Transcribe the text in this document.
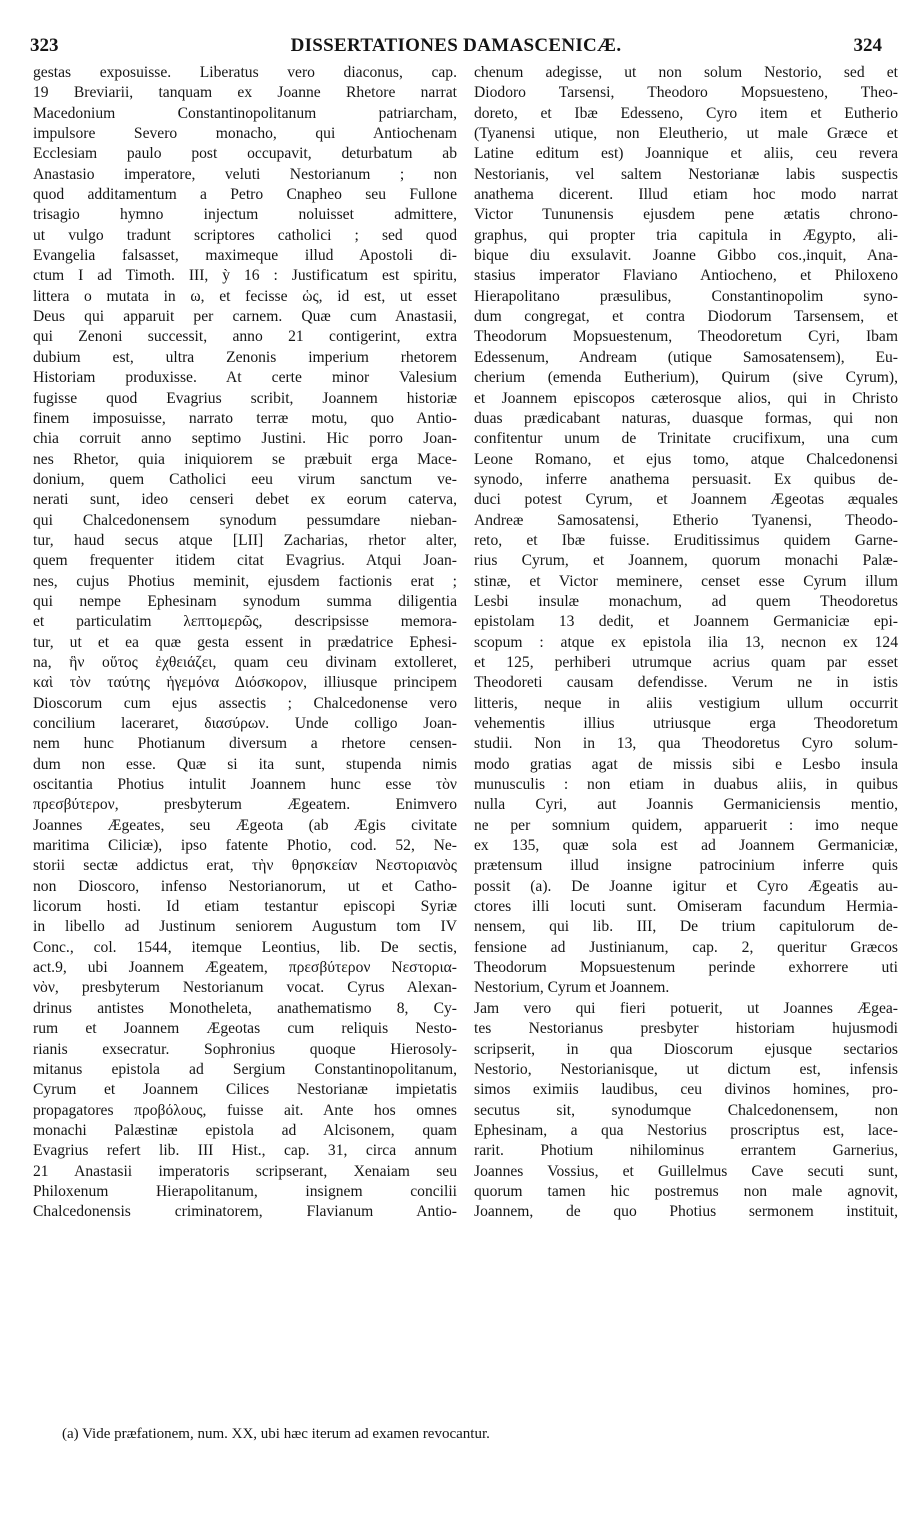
323	DISSERTATIONES DAMASCENICÆ.	324
gestas exposuisse. Liberatus vero diaconus, cap.
19 Breviarii, tanquam ex Joanne Rhetore narrat
Macedonium Constantinopolitanum patriarcham,
impulsore Severo monacho, qui Antiochenam
Ecclesiam paulo post occupavit, deturbatum ab
Anastasio imperatore, veluti Nestorianum ; non
quod additamentum a Petro Cnapheo seu Fullone
trisagio hymno injectum noluisset admittere,
ut vulgo tradunt scriptores catholici ; sed quod
Evangelia falsasset, maximeque illud Apostoli di-
ctum I ad Timoth. III, ỳ 16 : Justificatum est spiritu,
littera o mutata in ω, et fecisse ὡς, id est, ut esset
Deus qui apparuit per carnem. Quæ cum Anastasii,
qui Zenoni successit, anno 21 contigerint, extra
dubium est, ultra Zenonis imperium rhetorem
Historiam produxisse. At certe minor Valesium
fugisse quod Evagrius scribit, Joannem historiæ
finem imposuisse, narrato terræ motu, quo Antio-
chia corruit anno septimo Justini. Hic porro Joan-
nes Rhetor, quia iniquiorem se præbuit erga Mace-
donium, quem Catholici eeu virum sanctum ve-
nerati sunt, ideo censeri debet ex eorum caterva,
qui Chalcedonensem synodum pessumdare nieban-
tur, haud secus atque [LII] Zacharias, rhetor alter,
quem frequenter itidem citat Evagrius. Atqui Joan-
nes, cujus Photius meminit, ejusdem factionis erat ;
qui nempe Ephesinam synodum summa diligentia
et particulatim λεπτομερῶς, descripsisse memora-
tur, ut et ea quæ gesta essent in prædatrice Ephesi-
na, ἣν οὕτος ἐχθειάζει, quam ceu divinam extolleret,
καὶ τὸν ταύτης ἡγεμόνα Διόσκορον, illiusque principem
Dioscorum cum ejus assectis ; Chalcedonense vero
concilium laceraret, διασύρων. Unde colligo Joan-
nem hunc Photianum diversum a rhetore censen-
dum non esse. Quæ si ita sunt, stupenda nimis
oscitantia Photius intulit Joannem hunc esse τὸν
πρεσβύτερον, presbyterum Ægeatem. Enimvero
Joannes Ægeates, seu Ægeota (ab Ægis civitate
maritima Ciliciæ), ipso fatente Photio, cod. 52, Ne-
storii sectæ addictus erat, τὴν θρησκείαν Νεστοριανὸς
non Dioscoro, infenso Nestorianorum, ut et Catho-
licorum hosti. Id etiam testantur episcopi Syriæ
in libello ad Justinum seniorem Augustum tom IV
Conc., col. 1544, itemque Leontius, lib. De sectis,
act.9, ubi Joannem Ægeatem, πρεσβύτερον Νεστορια-
νὸν, presbyterum Nestorianum vocat. Cyrus Alexan-
drinus antistes Monotheleta, anathematismo 8, Cy-
rum et Joannem Ægeotas cum reliquis Nesto-
rianis exsecratur. Sophronius quoque Hierosoly-
mitanus epistola ad Sergium Constantinopolitanum,
Cyrum et Joannem Cilices Nestorianæ impietatis
propagatores προβόλους, fuisse ait. Ante hos omnes
monachi Palæstinæ epistola ad Alcisonem, quam
Evagrius refert lib. III Hist., cap. 31, circa annum
21 Anastasii imperatoris scripserant, Xenaiam seu
Philoxenum Hierapolitanum, insignem concilii
Chalcedonensis criminatorem, Flavianum Antio-
chenum adegisse, ut non solum Nestorio, sed et
Diodoro Tarsensi, Theodoro Mopsuesteno, Theo-
doreto, et Ibæ Edesseno, Cyro item et Eutherio
(Tyanensi utique, non Eleutherio, ut male Græce et
Latine editum est) Joannique et aliis, ceu revera
Nestorianis, vel saltem Nestorianæ labis suspectis
anathema dicerent. Illud etiam hoc modo narrat
Victor Tununensis ejusdem pene ætatis chrono-
graphus, qui propter tria capitula in Ægypto, ali-
bique diu exsulavit. Joanne Gibbo cos.,inquit, Ana-
stasius imperator Flaviano Antiocheno, et Philoxeno
Hierapolitano præsulibus, Constantinopolim syno-
dum congregat, et contra Diodorum Tarsensem, et
Theodorum Mopsuestenum, Theodoretum Cyri, Ibam
Edessenum, Andream (utique Samosatensem), Eu-
cherium (emenda Eutherium), Quirum (sive Cyrum),
et Joannem episcopos cæterosque alios, qui in Christo
duas prædicabant naturas, duasque formas, qui non
confitentur unum de Trinitate crucifixum, una cum
Leone Romano, et ejus tomo, atque Chalcedonensi
synodo, inferre anathema persuasit. Ex quibus de-
duci potest Cyrum, et Joannem Ægeotas æquales
Andreæ Samosatensi, Etherio Tyanensi, Theodo-
reto, et Ibæ fuisse. Eruditissimus quidem Garne-
rius Cyrum, et Joannem, quorum monachi Palæ-
stinæ, et Victor meminere, censet esse Cyrum illum
Lesbi insulæ monachum, ad quem Theodoretus
epistolam 13 dedit, et Joannem Germaniciæ epi-
scopum : atque ex epistola ilia 13, necnon ex 124
et 125, perhiberi utrumque acrius quam par esset
Theodoreti causam defendisse. Verum ne in istis
litteris, neque in aliis vestigium ullum occurrit
vehementis illius utriusque erga Theodoretum
studii. Non in 13, qua Theodoretus Cyro solum-
modo gratias agat de missis sibi e Lesbo insula
munusculis : non etiam in duabus aliis, in quibus
nulla Cyri, aut Joannis Germaniciensis mentio,
ne per somnium quidem, apparuerit : imo neque
ex 135, quæ sola est ad Joannem Germaniciæ,
prætensum illud insigne patrocinium inferre quis
possit (a). De Joanne igitur et Cyro Ægeatis au-
ctores illi locuti sunt. Omiseram facundum Hermia-
nensem, qui lib. III, De trium capitulorum de-
fensione ad Justinianum, cap. 2, queritur Græcos
Theodorum Mopsuestenum perinde exhorrere uti
Nestorium, Cyrum et Joannem.
Jam vero qui fieri potuerit, ut Joannes Ægea-
tes Nestorianus presbyter historiam hujusmodi
scripserit, in qua Dioscorum ejusque sectarios
Nestorio, Nestorianisque, ut dictum est, infensis
simos eximiis laudibus, ceu divinos homines, pro-
secutus sit, synodumque Chalcedonensem, non
Ephesinam, a qua Nestorius proscriptus est, lace-
rarit. Photium nihilominus errantem Garnerius,
Joannes Vossius, et Guillelmus Cave secuti sunt,
quorum tamen hic postremus non male agnovit,
Joannem, de quo Photius sermonem instituit,
(a) Vide præfationem, num. XX, ubi hæc iterum ad examen revocantur.
